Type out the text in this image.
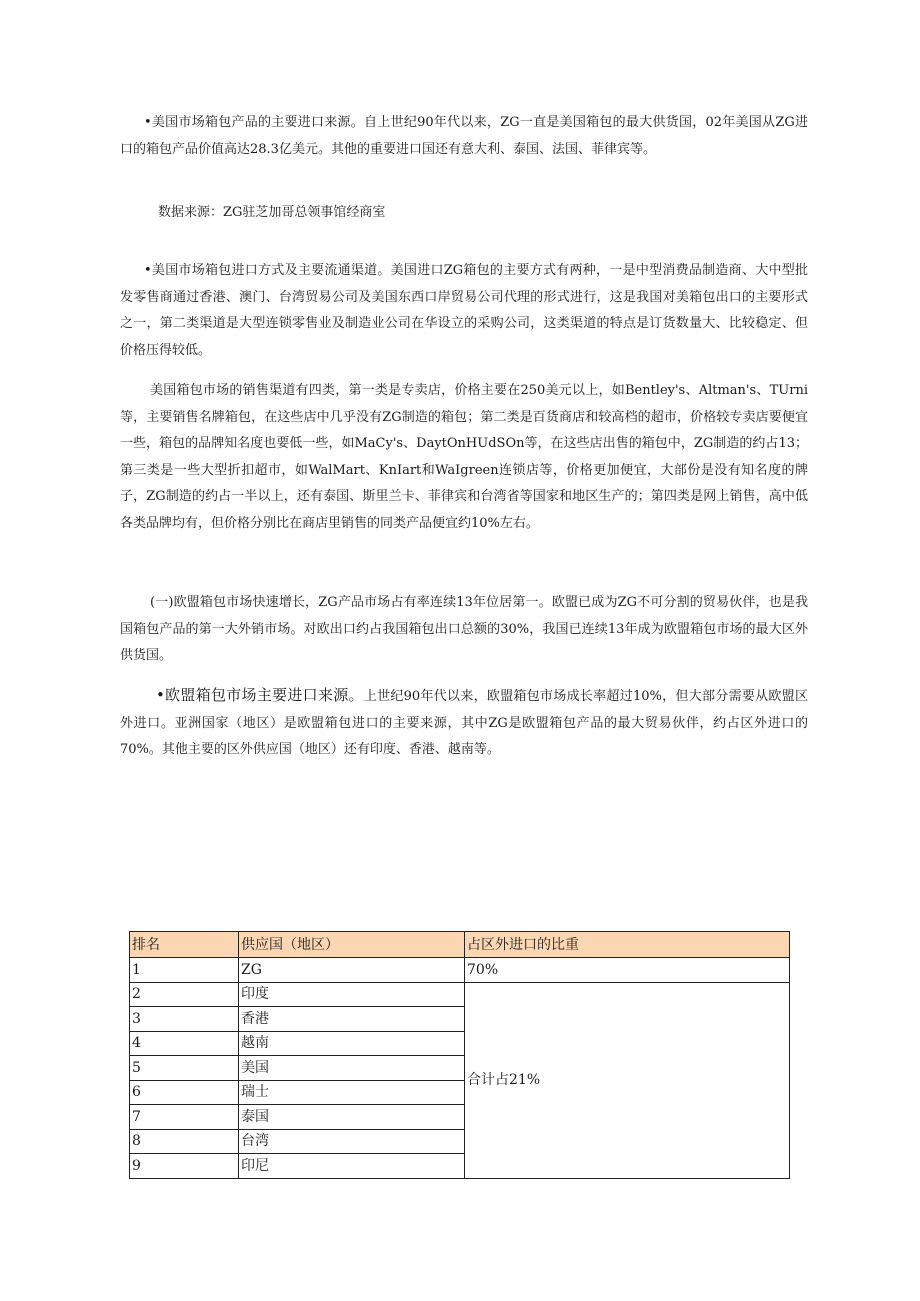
•美国市场箱包产品的主要进口来源。自上世纪90年代以来，ZG一直是美国箱包的最大供货国，02年美国从ZG进口的箱包产品价值高达28.3亿美元。其他的重要进口国还有意大利、泰国、法国、菲律宾等。

数据来源：ZG驻芝加哥总领事馆经商室

•美国市场箱包进口方式及主要流通渠道。美国进口ZG箱包的主要方式有两种，一是中型消费品制造商、大中型批发零售商通过香港、澳门、台湾贸易公司及美国东西口岸贸易公司代理的形式进行，这是我国对美箱包出口的主要形式之一，第二类渠道是大型连锁零售业及制造业公司在华设立的采购公司，这类渠道的特点是订货数量大、比较稳定、但价格压得较低。

美国箱包市场的销售渠道有四类，第一类是专卖店，价格主要在250美元以上，如Bentley's、Altman's、TUrni等，主要销售名牌箱包，在这些店中几乎没有ZG制造的箱包；第二类是百货商店和较高档的超市，价格较专卖店要便宜一些，箱包的品牌知名度也要低一些，如MaCy's、DaytOnHUdSOn等，在这些店出售的箱包中，ZG制造的约占13；第三类是一些大型折扣超市，如WalMart、KnIart和WaIgreen连锁店等，价格更加便宜，大部份是没有知名度的牌子，ZG制造的约占一半以上，还有泰国、斯里兰卡、菲律宾和台湾省等国家和地区生产的；第四类是网上销售，高中低各类品牌均有，但价格分别比在商店里销售的同类产品便宜约10%左右。

(一)欧盟箱包市场快速增长，ZG产品市场占有率连续13年位居第一。欧盟已成为ZG不可分割的贸易伙伴，也是我国箱包产品的第一大外销市场。对欧出口约占我国箱包出口总额的30%，我国已连续13年成为欧盟箱包市场的最大区外供货国。

•欧盟箱包市场主要进口来源。上世纪90年代以来，欧盟箱包市场成长率超过10%，但大部分需要从欧盟区外进口。亚洲国家（地区）是欧盟箱包进口的主要来源，其中ZG是欧盟箱包产品的最大贸易伙伴，约占区外进口的70%。其他主要的区外供应国（地区）还有印度、香港、越南等。

排名	供应国（地区）	占区外进口的比重
1	ZG	70%
2	印度	合计占21%
3	香港	
4	越南	
5	美国	
6	瑞士	
7	泰国	
8	台湾	
9	印尼	
